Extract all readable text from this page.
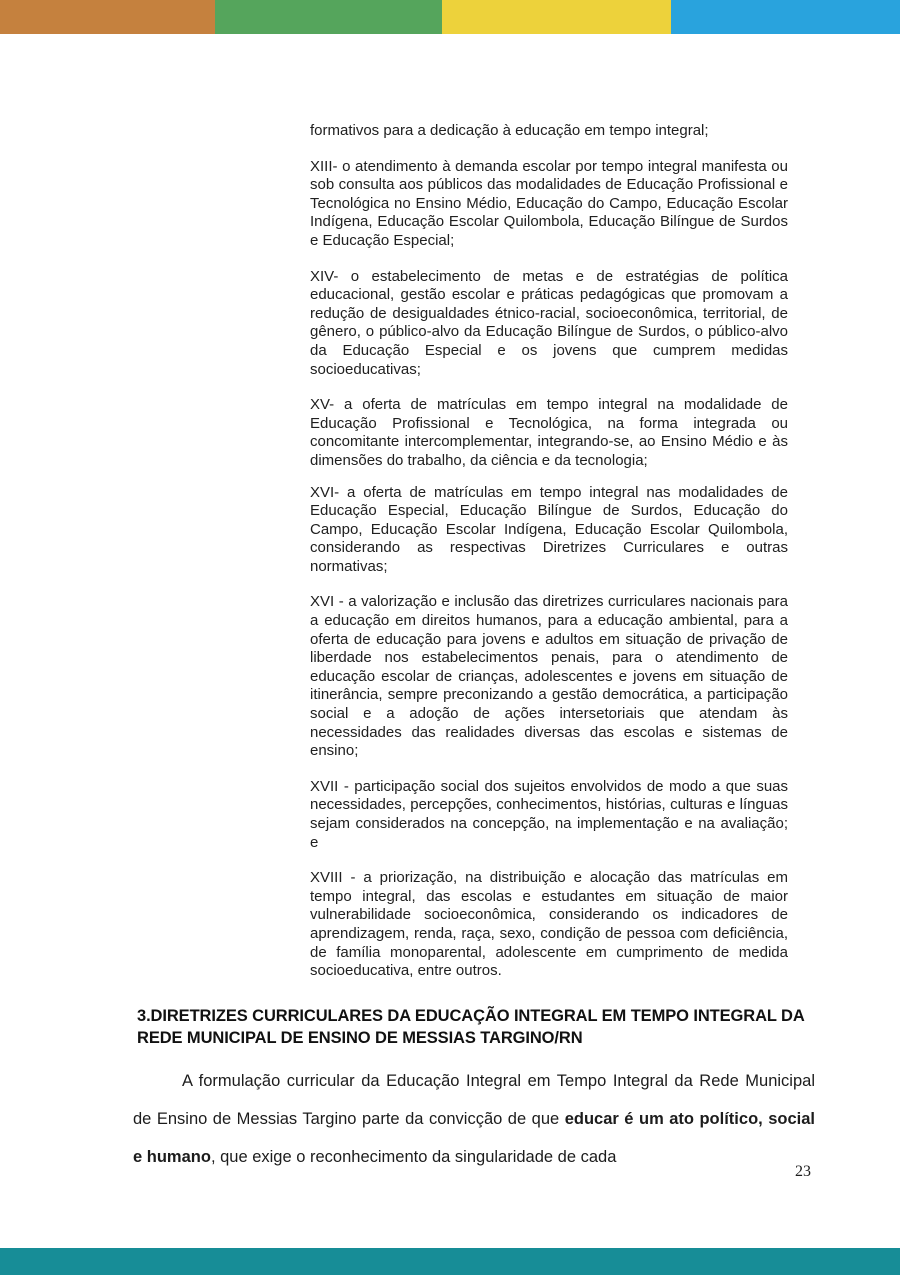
formativos para a dedicação à educação em tempo integral;

XIII- o atendimento à demanda escolar por tempo integral manifesta ou sob consulta aos públicos das modalidades de Educação Profissional e Tecnológica no Ensino Médio, Educação do Campo, Educação Escolar Indígena, Educação Escolar Quilombola, Educação Bilíngue de Surdos e Educação Especial;

XIV- o estabelecimento de metas e de estratégias de política educacional, gestão escolar e práticas pedagógicas que promovam a redução de desigualdades étnico-racial, socioeconômica, territorial, de gênero, o público-alvo da Educação Bilíngue de Surdos, o público-alvo da Educação Especial e os jovens que cumprem medidas socioeducativas;

XV- a oferta de matrículas em tempo integral na modalidade de Educação Profissional e Tecnológica, na forma integrada ou concomitante intercomplementar, integrando-se, ao Ensino Médio e às dimensões do trabalho, da ciência e da tecnologia;

XVI- a oferta de matrículas em tempo integral nas modalidades de Educação Especial, Educação Bilíngue de Surdos, Educação do Campo, Educação Escolar Indígena, Educação Escolar Quilombola, considerando as respectivas Diretrizes Curriculares e outras normativas;

XVI - a valorização e inclusão das diretrizes curriculares nacionais para a educação em direitos humanos, para a educação ambiental, para a oferta de educação para jovens e adultos em situação de privação de liberdade nos estabelecimentos penais, para o atendimento de educação escolar de crianças, adolescentes e jovens em situação de itinerância, sempre preconizando a gestão democrática, a participação social e a adoção de ações intersetoriais que atendam às necessidades das realidades diversas das escolas e sistemas de ensino;

XVII - participação social dos sujeitos envolvidos de modo a que suas necessidades, percepções, conhecimentos, histórias, culturas e línguas sejam considerados na concepção, na implementação e na avaliação; e

XVIII - a priorização, na distribuição e alocação das matrículas em tempo integral, das escolas e estudantes em situação de maior vulnerabilidade socioeconômica, considerando os indicadores de aprendizagem, renda, raça, sexo, condição de pessoa com deficiência, de família monoparental, adolescente em cumprimento de medida socioeducativa, entre outros.

3.DIRETRIZES CURRICULARES DA EDUCAÇÃO INTEGRAL EM TEMPO INTEGRAL DA REDE MUNICIPAL DE ENSINO DE MESSIAS TARGINO/RN
A formulação curricular da Educação Integral em Tempo Integral da Rede Municipal de Ensino de Messias Targino parte da convicção de que educar é um ato político, social e humano, que exige o reconhecimento da singularidade de cada
23
